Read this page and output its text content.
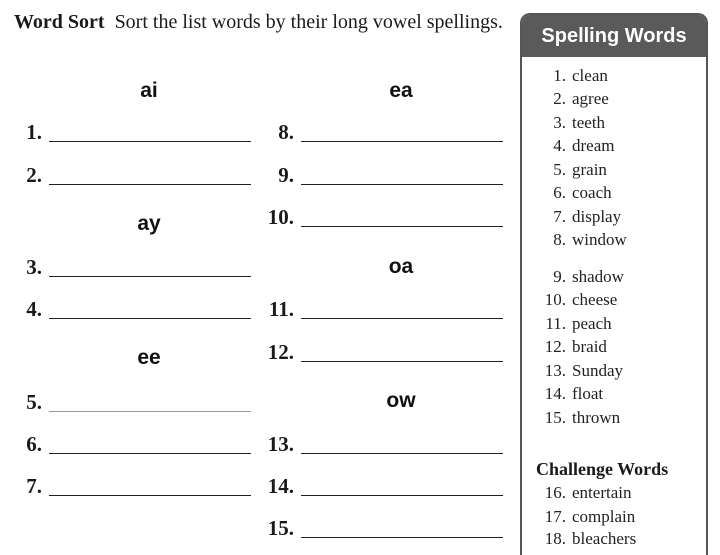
Word Sort Sort the list words by their long vowel spellings.
ai
1.
2.
ay
3.
4.
ee
5.
6.
7.
ea
8.
9.
10.
oa
11.
12.
ow
13.
14.
15.
Spelling Words
1. clean
2. agree
3. teeth
4. dream
5. grain
6. coach
7. display
8. window
9. shadow
10. cheese
11. peach
12. braid
13. Sunday
14. float
15. thrown
Challenge Words
16. entertain
17. complain
18. bleachers
